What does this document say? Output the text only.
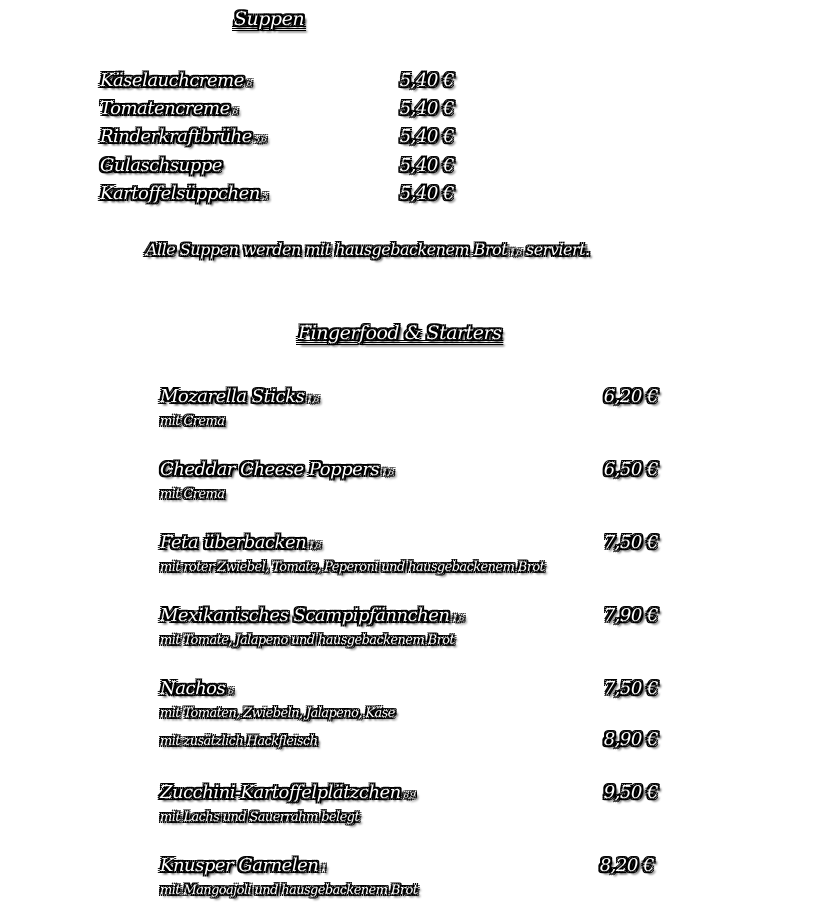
Suppen
Käselauchcreme 6	5,40 €
Tomatencreme 6	5,40 €
Rinderkraftbrühe 5,6	5,40 €
Gulaschsuppe	5,40 €
Kartoffelsüppchen 5	5,40 €
Alle Suppen werden mit hausgebackenem Brot 1,6 serviert.
Fingerfood & Starters
Mozarella Sticks 1,6	6,20 €
mit Crema
Cheddar Cheese Poppers 1,6	6,50 €
mit Crema
Feta überbacken 1,6	7,50 €
mit roter Zwiebel, Tomate, Peperoni und hausgebackenem Brot
Mexikanisches Scampipfännchen 1,6	7,90 €
mit Tomate, Jalapeno und hausgebackenem Brot
Nachos 6	7,50 €
mit Tomaten, Zwiebeln, Jalapeno, Käse
mit zusätzlich Hackfleisch	8,90 €
Zucchini-Kartoffelplätzchen 6,9	9,50 €
mit Lachs und Sauerrahm belegt
Knusper Garnelen 1	8,20 €
mit Mangoajoli und hausgebackenem Brot
